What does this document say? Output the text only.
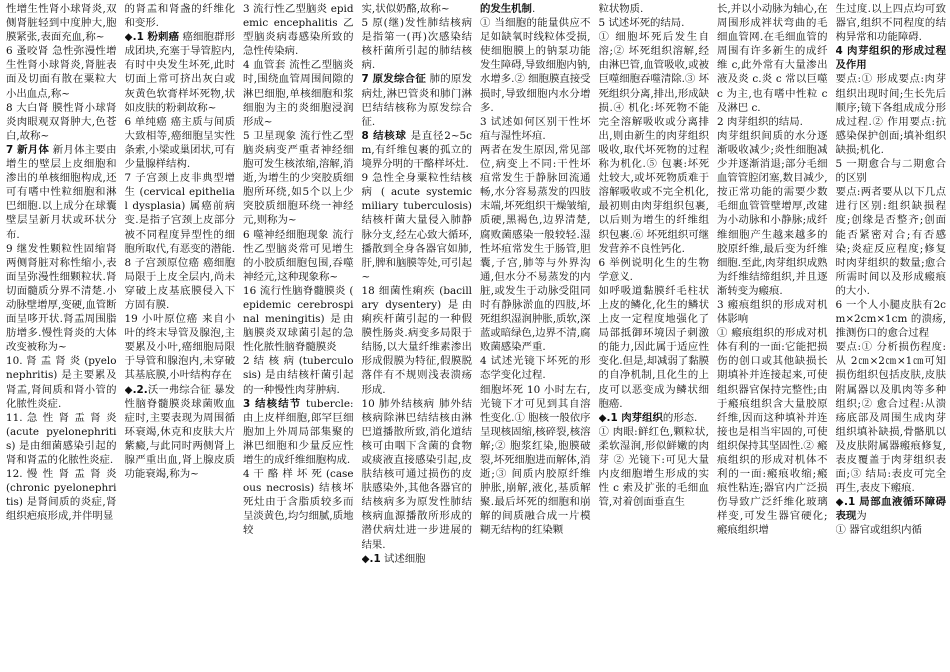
性增生性肾小球肾炎,双侧肾脏轻到中度肿大,胞膜紧张,表面充血,称~

6 蚤咬肾 急性弥漫性增生性肾小球肾炎,肾脏表面及切面有散在粟粒大小出血点,称~

8 大白肾 膜性肾小球肾炎肉眼观双肾肿大,色苍白,故称~

7 新月体 新月体主要由增生的壁层上皮细胞和渗出的单核细胞构成,还可有嗜中性粒细胞和淋巴细胞.以上成分在球囊壁层呈新月状或环状分布.

9 继发性颗粒性固缩肾 两侧肾脏对称性缩小,表面呈弥漫性细颗粒状.肾切面髓质分界不清楚.小动脉壁增厚,变硬,血管断面呈哆开状.肾盂周围脂肪增多.慢性肾炎的大体改变被称为~

10. 肾 盂 肾 炎 (pyelonephritis) 是主要累及肾盂,肾间质和肾小管的化脓性炎症.

11. 急 性 肾 盂 肾 炎 (acute pyelonephritis) 是由细菌感染引起的肾和肾盂的化脓性炎症.

12. 慢 性 肾 盂 肾 炎 (chronic pyelonephritis) 是肾间质的炎症,肾组织疤痕形成,并伴明显

的肾盂和肾盏的纤维化和变形.

◆.1 粉刺癌 癌细胞群形成团块,充塞于导管腔内,有时中央发生坏死,此时切面上常可挤出灰白或灰黄色软膏样坏死物,状如皮肤的粉刺故称~

6 单纯癌 癌主质与间质大致相等,癌细胞呈实性条索,小梁或巢团状,可有少量腺样结构.

7 子宫颈上皮非典型增生 (cervical epithelial dysplasia) 属癌前病变.是指子宫颈上皮部分被不同程度异型性的细胞所取代,有恶变的潜能.

8 子宫颈原位癌 癌细胞局限于上皮全层内,尚未穿破上皮基底膜侵入下方固有膜.

19 小叶原位癌 来自小叶的终末导管及腺泡,主要累及小叶,癌细胞局限于导管和腺泡内,未穿破其基底膜,小叶结构存在

◆.2.沃一弗综合征 暴发性脑脊髓膜炎球菌败血症时,主要表现为周围循环衰竭,休克和皮肤大片紫癜,与此同时两侧肾上腺严重出血,肾上腺皮质功能衰竭,称为~

3 流行性乙型脑炎 epidemic encephalitis 乙型脑炎病毒感染所致的急性传染病.

4 血管套 流性乙型脑炎时,围绕血管周围间隙的淋巴细胞,单核细胞和浆细胞为主的炎细胞浸润形成~

5 卫星现象 流行性乙型脑炎病变严重者神经细胞可发生核浓缩,溶解,消逝,为增生的少突胶质细胞所环绕,如5个以上少突胶质细胞环绕一神经元,则称为~

6 噬神经细胞现象 流行性乙型脑炎常可见增生的小胶质细胞包围,吞噬神经元,这种现象称~

16 流行性脑脊髓膜炎 ( epidemic cerebrospinal meningitis) 是由脑膜炎双球菌引起的急性化脓性脑脊髓膜炎

2 结 核 病 (tuberculosis) 是由结核杆菌引起的一种慢性肉芽肿病.

3 结核结节 tubercle: 由上皮样细胞,郎罕巨细胞加上外周局部集聚的淋巴细胞和少量反应性增生的成纤维细胞构成.

4 干 酪 样 坏 死 (caseous necrosis) 结核坏死灶由于含脂质较多而呈淡黄色,均匀细腻,质地较

实,状似奶酪,故称~

5 原(继)发性肺结核病 是指第一(再)次感染结核杆菌所引起的肺结核病.

7 原发综合征 肺的原发病灶,淋巴管炎和肺门淋巴结结核称为原发综合征.

8 结核球 是直径2~5c m,有纤维包裹的孤立的境界分明的干酪样坏灶.

9 急性全身粟粒性结核病 ( acute systemic miliary tuberculosis) 结核杆菌大量侵入肺静脉分支,经左心致大循环,播散到全身各器官如肺,肝,脾和脑膜等处,可引起~

18 细菌性痢疾 (bacillary dysentery) 是由痢疾杆菌引起的一种假膜性肠炎.病变多局限于结肠,以大量纤维素渗出形成假膜为特征,假膜脱落伴有不规则浅表溃疡形成.

10 肺外结核病 肺外结核病除淋巴结结核由淋巴道播散所致,消化道结核可由咽下含菌的食物或痰液直接感染引起,皮肤结核可通过损伤的皮肤感染外,其他各器官的结核病多为原发性肺结核病血源播散所形成的潜伏病灶进一步进展的结果.

◆.1 试述细胞

的发生机制.

① 当细胞的能量供应不足如缺氧时线粒体受损,使细胞膜上的钠泵功能发生障碍,导致细胞内钠,水增多.② 细胞膜直接受损时,导致细胞内水分增多.

3 试述如何区别干性坏疽与湿性坏疽.

两者在发生原因,常见部位,病变上不同:干性坏疽常发生于静脉回流通畅,水分容易蒸发的四肢末端,坏死组织干燥皱缩,质硬,黑褐色,边界清楚,腐败菌感染一般较轻.湿性坏疽常发生于肠管,胆囊,子宫,肺等与外界沟通,但水分不易蒸发的内脏,或发生于动脉受阻同时有静脉淤血的四肢,坏死组织湿润肿胀,质软,深蓝或暗绿色,边界不清,腐败菌感染严重.

4 试述光镜下坏死的形态学变化过程.

细胞坏死 10 小时左右,光镜下才可见到其自溶性变化.① 胞核一般依序呈现核固缩,核碎裂,核溶解;② 胞浆红染,胞膜破裂,坏死细胞进而解体,消逝;③ 间质内胶原纤维肿胀,崩解,液化,基质解聚.最后坏死的细胞和崩解的间质融合成一片模糊无结构的红染颗

粒状物质.

5 试述坏死的结局.

① 细胞坏死后发生自溶;② 坏死组织溶解,经由淋巴管,血管吸收,或被巨噬细胞吞噬清除.③ 坏死组织分离,排出,形成缺损.④ 机化:坏死物不能完全溶解吸收或分离排出,则由新生的肉芽组织吸收,取代坏死物的过程称为机化.⑤ 包裹:坏死灶较大,或坏死物质难于溶解吸收或不完全机化,最初则由肉芽组织包裹,以后则为增生的纤维组织包裹.⑥ 坏死组织可继发营养不良性钙化.

6 举例说明化生的生物学意义.

如呼吸道黏膜纤毛柱状上皮的鳞化,化生的鳞状上皮一定程度地强化了局部抵御环境因子刺激的能力,因此属于适应性变化.但是,却减弱了黏膜的自净机制,且化生的上皮可以恶变成为鳞状细胞癌.

◆.1 肉芽组织的形态.

① 肉眼:鲜红色,颗粒状,柔软湿润,形似鲜嫩的肉芽 ② 光镜下:可见大量内皮细胞增生形成的实性 c 索及扩张的毛细血管,对着创面垂直生

长,并以小动脉为轴心,在周围形成袢状弯曲的毛细血管网.在毛细血管的周围有许多新生的成纤维 c,此外常有大量渗出液及炎 c.炎 c 常以巨噬 c 为主,也有嗜中性粒 c 及淋巴 c.

2 肉芽组织的结局.

肉芽组织间质的水分逐渐吸收减少;炎性细胞减少并逐渐消退;部分毛细血管管腔闭塞,数目减少,按正常功能的需要少数毛细血管管壁增厚,改建为小动脉和小静脉;成纤维细胞产生越来越多的胶原纤维,最后变为纤维细胞.至此,肉芽组织成熟为纤维结缔组织,并且逐渐转变为瘢痕.

3 瘢痕组织的形成对机体影响

① 瘢痕组织的形成对机体有利的一面:它能把损伤的创口或其他缺损长期填补并连接起来,可使组织器官保持完整性;由于瘢痕组织含大量胶原纤维,因而这种填补并连接也是相当牢固的,可使组织保持其坚固性.② 瘢痕组织的形成对机体不利的一面:瘢痕收缩;瘢痕性粘连;器官内广泛损伤导致广泛纤维化玻璃样变,可发生器官硬化;瘢痕组织增

生过度.以上四点均可致器官,组织不同程度的结构异常和功能障碍.

4 肉芽组织的形成过程及作用

要点:① 形成要点:肉芽组织出现时间;生长先后顺序;镜下各组成成分形成过程.② 作用要点:抗感染保护创面;填补组织缺损;机化.

5 一期愈合与二期愈合的区别

要点:两者要从以下几点进行区别:组织缺损程度;创缘是否整齐;创面能否紧密对合;有否感染;炎症反应程度;修复时肉芽组织的数量;愈合所需时间以及形成瘢痕的大小.

6 一个人小腿皮肤有2cm×2cm×1cm 的溃疡,推测伤口的愈合过程

要点:① 分析损伤程度:从 2㎝×2㎝×1㎝可知损伤组织包括皮肤,皮肤附属器以及肌肉等多种组织;② 愈合过程:从溃疡底部及周围生成肉芽组织填补缺损,骨骼肌以及皮肤附属器瘢痕修复,表皮覆盖于肉芽组织表面;③ 结局:表皮可完全再生,表皮下瘢痕.

◆.1 局部血液循环障碍表现为

① 器官或组织内循
